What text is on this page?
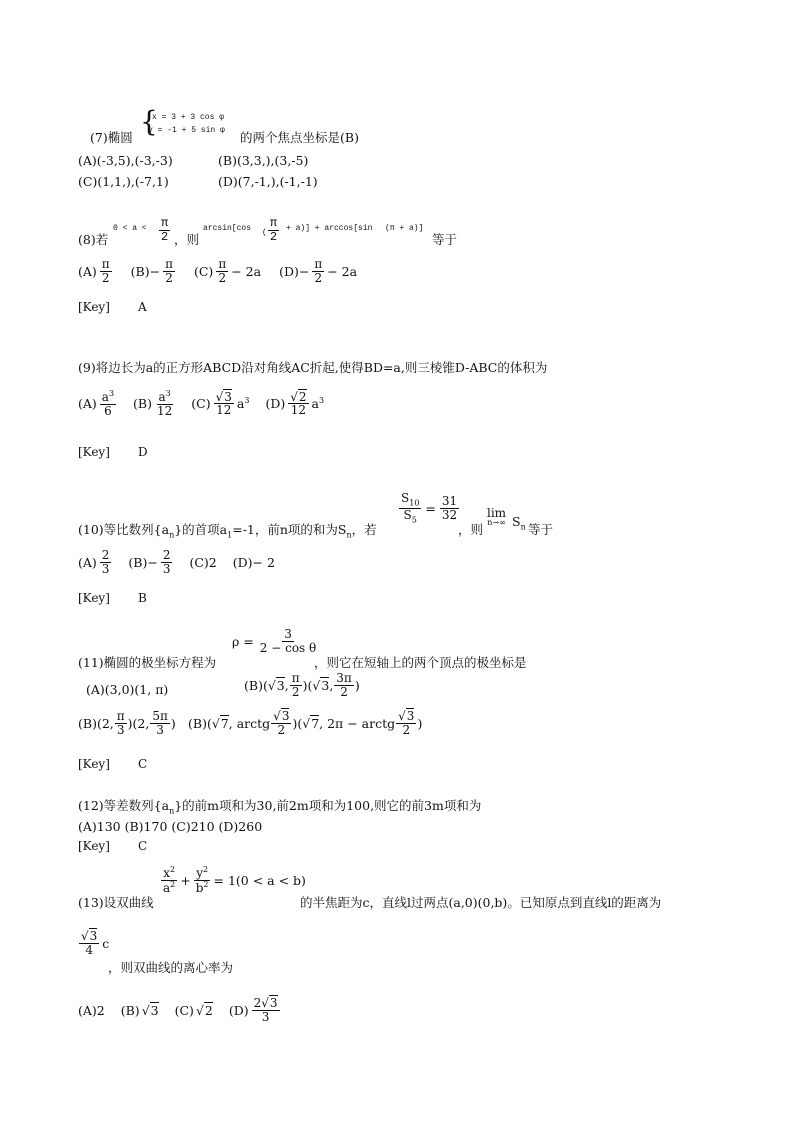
(7)椭圆 {
x = 3 + 3 cos φ
y = -1 + 5 sin φ 的两个焦点坐标是(B)
(A)(-3,5),(-3,-3)	(B)(3,3,),(3,-5)
(C)(1,1,),(-7,1)	(D)(7,-1,),(-1,-1)
(8)若
$0 < a < \frac{\pi}{2}$ ，则
arcsin[cos
( $\frac{\pi}{2} + a)] + \arccos[\sin$ (π + a)]
等于
$(A) \frac{\pi}{2} (B)- \frac{\pi}{2} (C) \frac{\pi}{2} - 2a$ $(D)- \frac{\pi}{2} - 2a$
[Key] A
(9)将边长为a的正方形ABCD沿对角线AC折起,使得BD=a,则三棱锥D-ABC的体积为
$(A) \frac{a^3}{6} (B) \frac{a^3}{12} (C) \frac{√3}{12} a^3$ $(D) \frac{√2}{12} a^3$
[Key] D
(10)等比数列$\{a_n\}$的首项$a_1=-1$，前n项的和为$S_n$，若
$\frac{S_{10}}{S_5} = \frac{31}{32}$
，则
lim
n→∞ $S_n$ 等于
$(A) \frac{2}{3} (B)- \frac{2}{3} (C)2$ (D)− 2
[Key] B
(11)椭圆的极坐标方程为
$\rho = \frac{3}{\text{2 − cos θ}}$
，则它在短轴上的两个顶点的极坐标是
(A)(3,0)(1, π)	(B)( √3, $\frac{\pi}{2}$ )( √3, $\frac{3\pi}{2}$ )
(B)(2, $\frac{\pi}{3} )(2$, $\frac{5\pi}{3}$ ) (B)( √7, arctg $\frac{√3}{2}$ )( √7, 2π − arctg $\frac{√3}{2}$ )
[Key] C
(12)等差数列$\{a_n\}$的前m项和为30,前2m项和为100,则它的前3m项和为
(A)130 (B)170 (C)210 (D)260
[Key] C
(13)设双曲线
$\frac{x^2}{a^2} + \frac{y^2}{b^2} = 1(0 < a < b)$
的半焦距为c，直线l过两点(a,0)(0,b)。已知原点到直线l的距离为
$\frac{√3}{4}$ c
，则双曲线的离心率为
(A)2 (B) √3 (C) √2 $(D) \frac{2√3}{3}$
